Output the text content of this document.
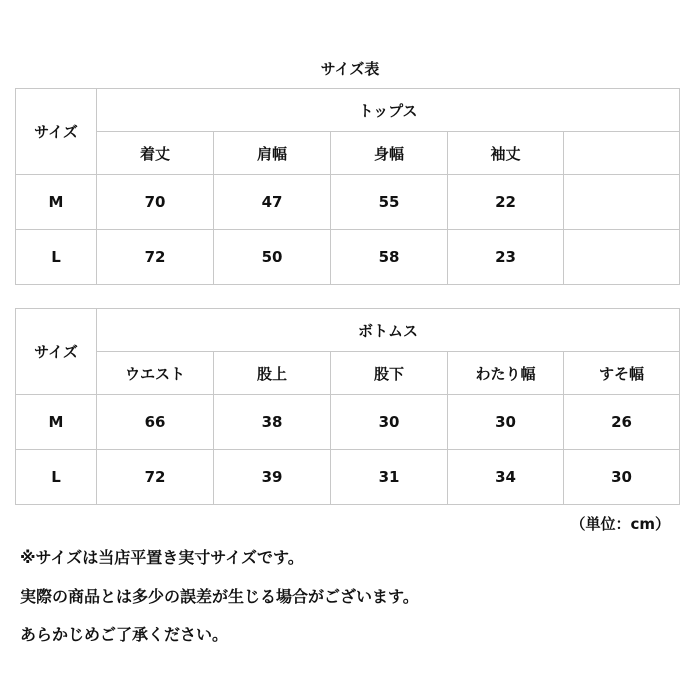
サイズ表
サイズ	トップス				
	着丈	肩幅	身幅	袖丈	
M	70	47	55	22	
L	72	50	58	23	
サイズ	ボトムス				
	ウエスト	股上	股下	わたり幅	すそ幅
M	66	38	30	30	26
L	72	39	31	34	30
（単位：cm）
※サイズは当店平置き実寸サイズです。
実際の商品とは多少の誤差が生じる場合がございます。
あらかじめご了承ください。
